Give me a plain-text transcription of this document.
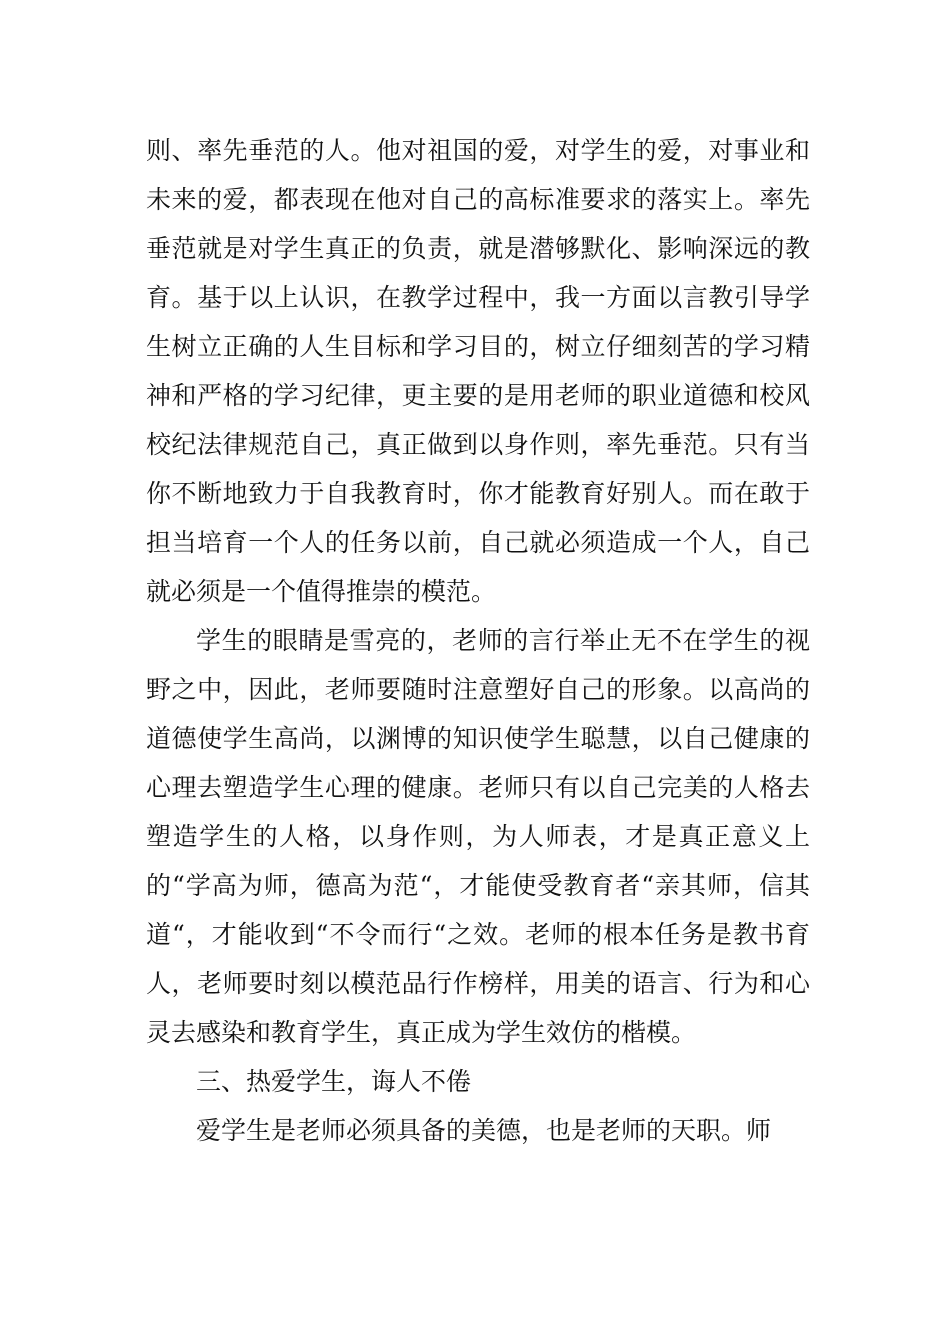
则、率先垂范的人。他对祖国的爱，对学生的爱，对事业和未来的爱，都表现在他对自己的高标准要求的落实上。率先垂范就是对学生真正的负责，就是潜够默化、影响深远的教育。基于以上认识，在教学过程中，我一方面以言教引导学生树立正确的人生目标和学习目的，树立仔细刻苦的学习精神和严格的学习纪律，更主要的是用老师的职业道德和校风校纪法律规范自己，真正做到以身作则，率先垂范。只有当你不断地致力于自我教育时，你才能教育好别人。而在敢于担当培育一个人的任务以前，自己就必须造成一个人，自己就必须是一个值得推崇的模范。

学生的眼睛是雪亮的，老师的言行举止无不在学生的视野之中，因此，老师要随时注意塑好自己的形象。以高尚的道德使学生高尚，以渊博的知识使学生聪慧，以自己健康的心理去塑造学生心理的健康。老师只有以自己完美的人格去塑造学生的人格，以身作则，为人师表，才是真正意义上的“学高为师，德高为范“，才能使受教育者“亲其师，信其道“，才能收到“不令而行“之效。老师的根本任务是教书育人，老师要时刻以模范品行作榜样，用美的语言、行为和心灵去感染和教育学生，真正成为学生效仿的楷模。

三、热爱学生，诲人不倦

爱学生是老师必须具备的美德，也是老师的天职。师
